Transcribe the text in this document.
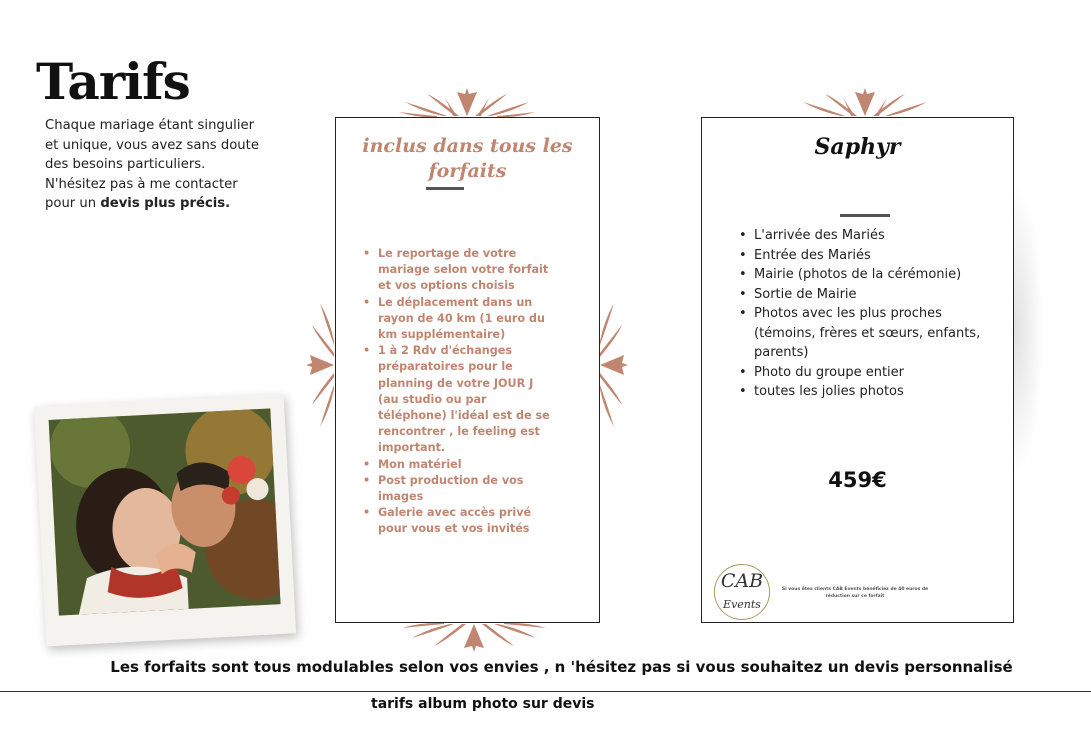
Tarifs

Chaque mariage étant singulier et unique, vous avez sans doute des besoins particuliers. N'hésitez pas à me contacter pour un devis plus précis.

inclus dans tous les forfaits
• Le reportage de votre mariage selon votre forfait et vos options choisis
• Le déplacement dans un rayon de 40 km (1 euro du km supplémentaire)
• 1 à 2 Rdv d'échanges préparatoires pour le planning de votre JOUR J (au studio ou par téléphone) l'idéal est de se rencontrer , le feeling est important.
• Mon matériel
• Post production de vos images
• Galerie avec accès privé pour vous et vos invités
Saphyr
• L'arrivée des Mariés
• Entrée des Mariés
• Mairie (photos de la cérémonie)
• Sortie de Mairie
• Photos avec les plus proches (témoins, frères et sœurs, enfants, parents)
• Photo du groupe entier
• toutes les jolies photos
459€
CAB
Events
Si vous êtes clients CAB Events bénéficiez de 40 euros de réduction sur ce forfait
Les forfaits sont tous modulables selon vos envies , n 'hésitez pas si vous souhaitez un devis personnalisé
tarifs album photo sur devis
